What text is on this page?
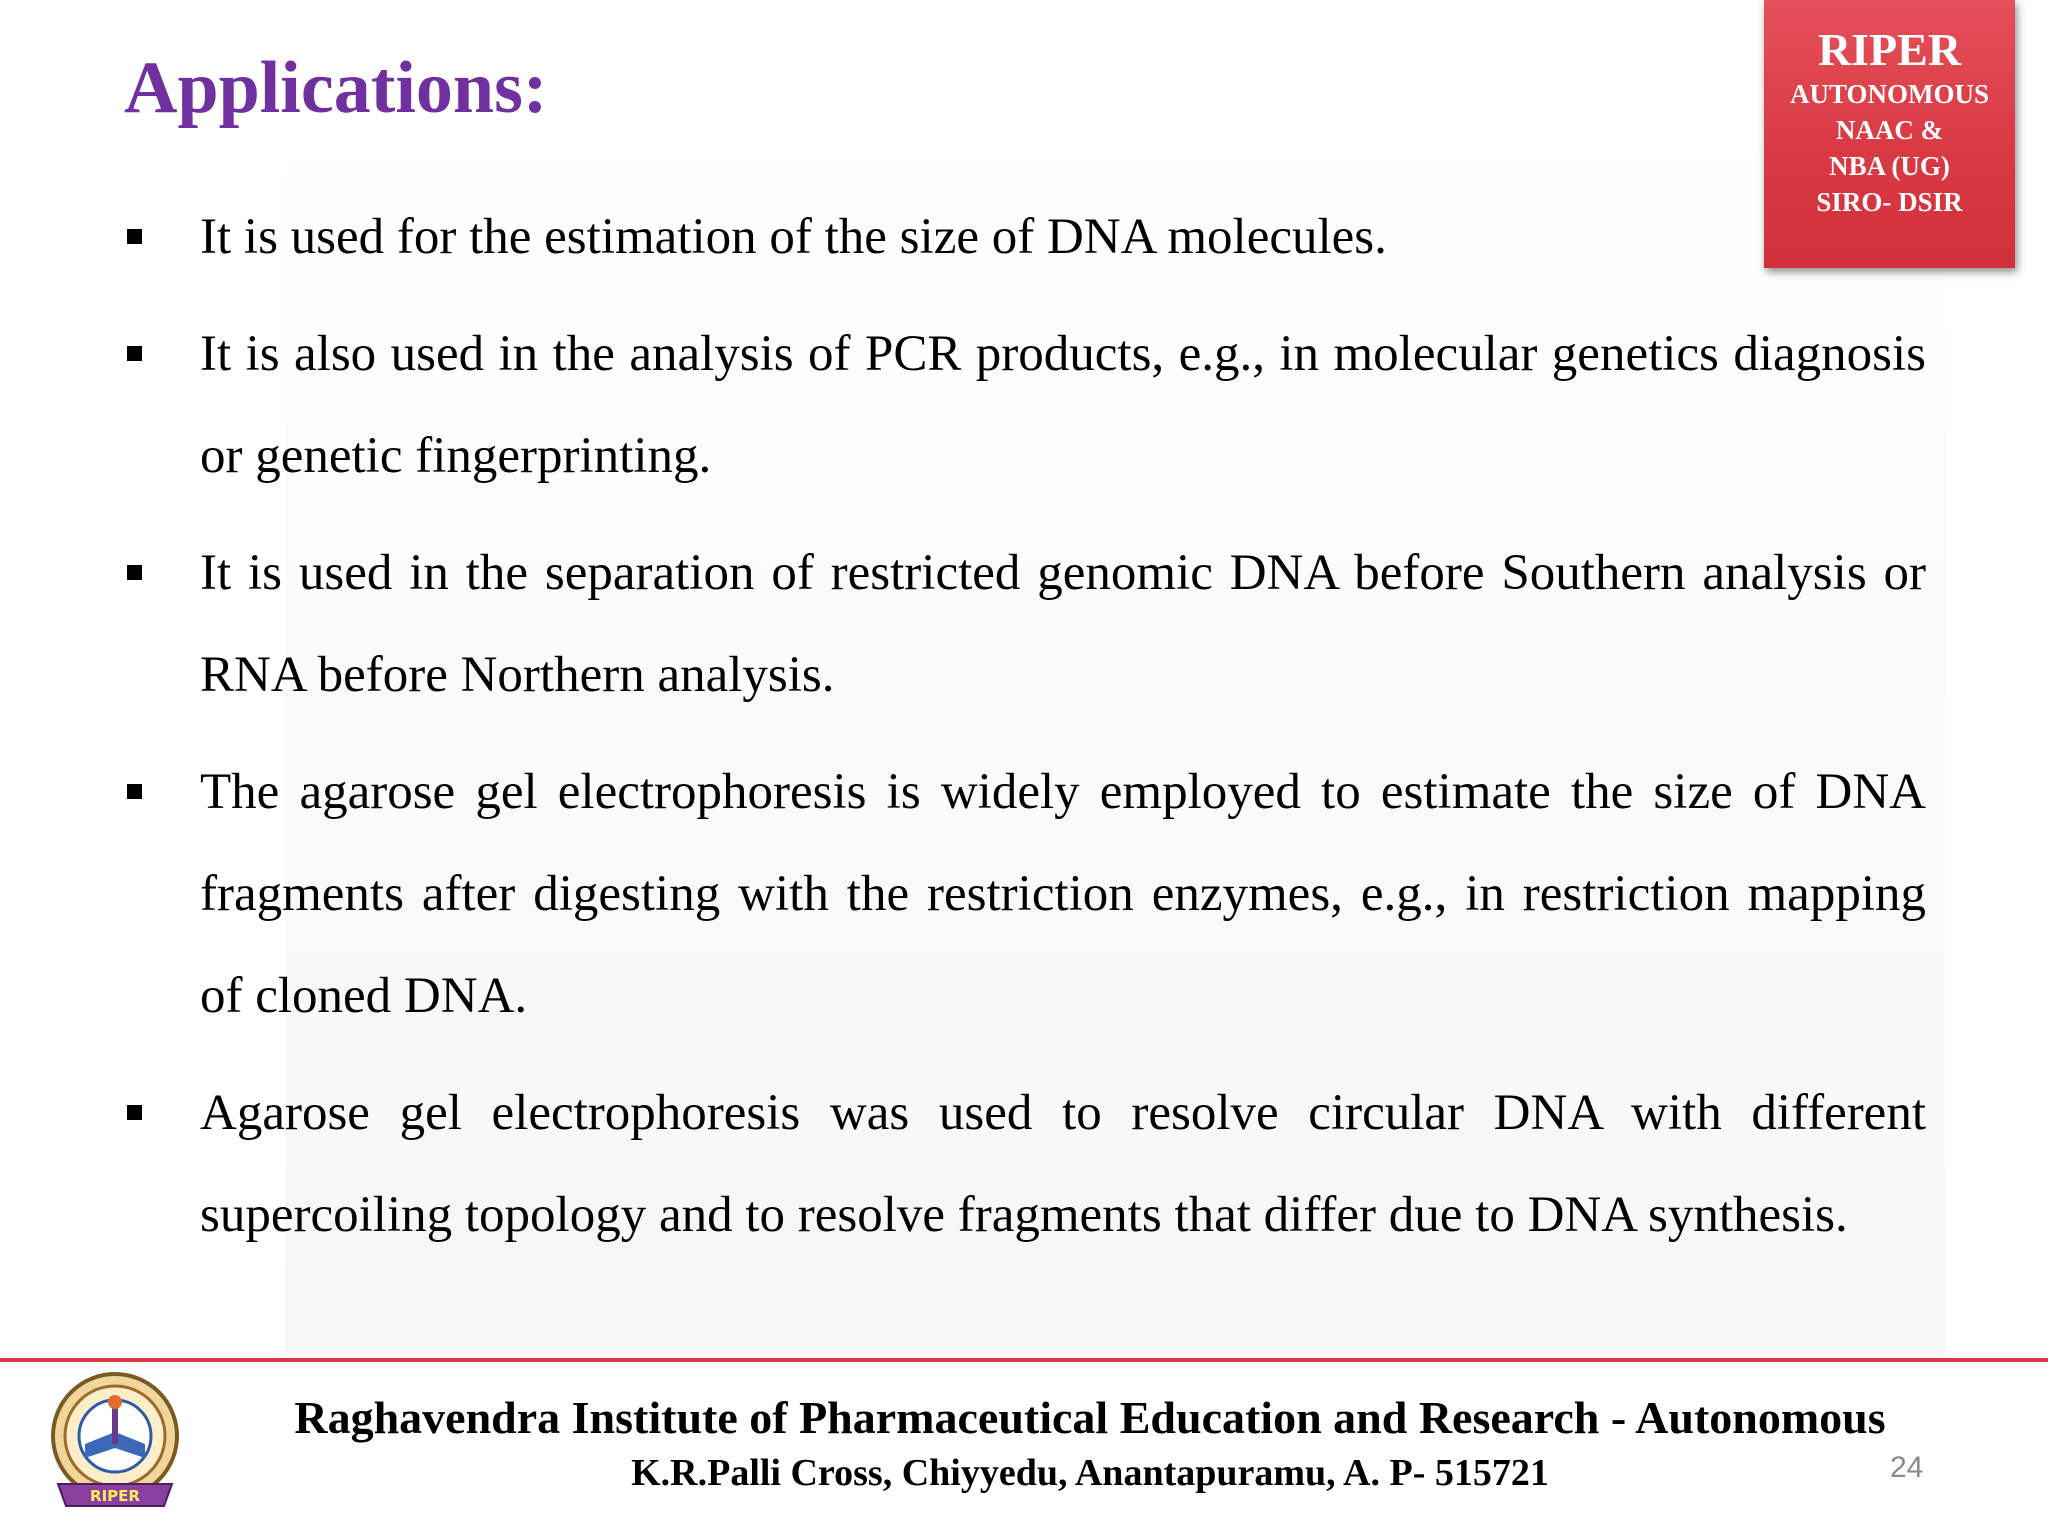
Applications:	RIPER
AUTONOMOUS
NAAC &
NBA (UG)
SIRO- DSIR
It is used for the estimation of the size of DNA molecules.
It is also used in the analysis of PCR products, e.g., in molecular genetics diagnosis or genetic fingerprinting.
It is used in the separation of restricted genomic DNA before Southern analysis or RNA before Northern analysis.
The agarose gel electrophoresis is widely employed to estimate the size of DNA fragments after digesting with the restriction enzymes, e.g., in restriction mapping of cloned DNA.
Agarose gel electrophoresis was used to resolve circular DNA with different supercoiling topology and to resolve fragments that differ due to DNA synthesis.
RIPER
Raghavendra Institute of Pharmaceutical Education and Research - Autonomous
K.R.Palli Cross, Chiyyedu, Anantapuramu, A. P- 515721	24
